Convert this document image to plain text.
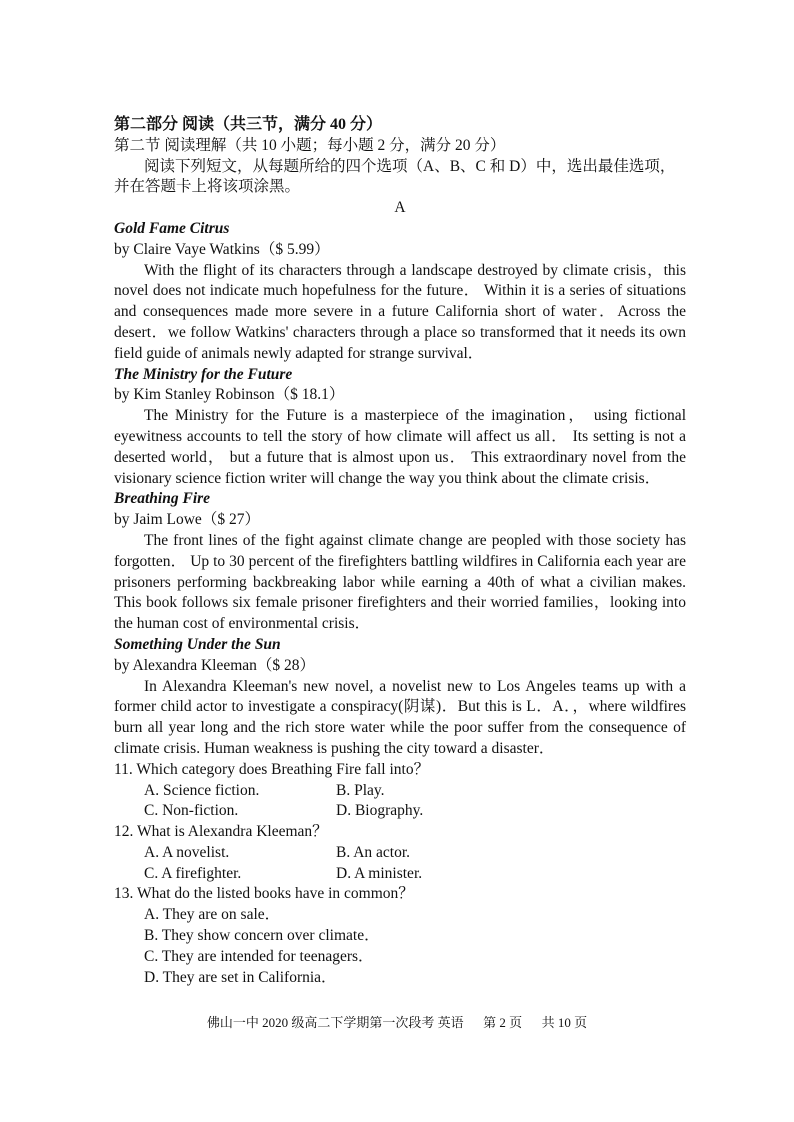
第二部分 阅读（共三节，满分 40 分）
第二节 阅读理解（共 10 小题；每小题 2 分，满分 20 分）
阅读下列短文，从每题所给的四个选项（A、B、C 和 D）中，选出最佳选项，
并在答题卡上将该项涂黑。
A
Gold Fame Citrus
by Claire Vaye Watkins（$ 5.99）

With the flight of its characters through a landscape destroyed by climate crisis，this novel does not indicate much hopefulness for the future． Within it is a series of situations and consequences made more severe in a future California short of water．Across the desert．we follow Watkins' characters through a place so transformed that it needs its own field guide of animals newly adapted for strange survival．

The Ministry for the Future
by Kim Stanley Robinson（$ 18.1）

The Ministry for the Future is a masterpiece of the imagination， using fictional eyewitness accounts to tell the story of how climate will affect us all． Its setting is not a deserted world， but a future that is almost upon us． This extraordinary novel from the visionary science fiction writer will change the way you think about the climate crisis．

Breathing Fire
by Jaim Lowe（$ 27）

The front lines of the fight against climate change are peopled with those society has forgotten． Up to 30 percent of the firefighters battling wildfires in California each year are prisoners performing backbreaking labor while earning a 40th of what a civilian makes. This book follows six female prisoner firefighters and their worried families，looking into the human cost of environmental crisis．

Something Under the Sun
by Alexandra Kleeman（$ 28）

In Alexandra Kleeman's new novel, a novelist new to Los Angeles teams up with a former child actor to investigate a conspiracy(阴谋)．But this is L．A．，where wildfires burn all year long and the rich store water while the poor suffer from the consequence of climate crisis. Human weakness is pushing the city toward a disaster．

11. Which category does Breathing Fire fall into？
A. Science fiction.	B. Play.
C. Non-fiction.	D. Biography.
12. What is Alexandra Kleeman？
A. A novelist.	B. An actor.
C. A firefighter.	D. A minister.
13. What do the listed books have in common？
A. They are on sale．
B. They show concern over climate．
C. They are intended for teenagers．
D. They are set in California．
佛山一中 2020 级高二下学期第一次段考 英语      第 2 页      共 10 页
